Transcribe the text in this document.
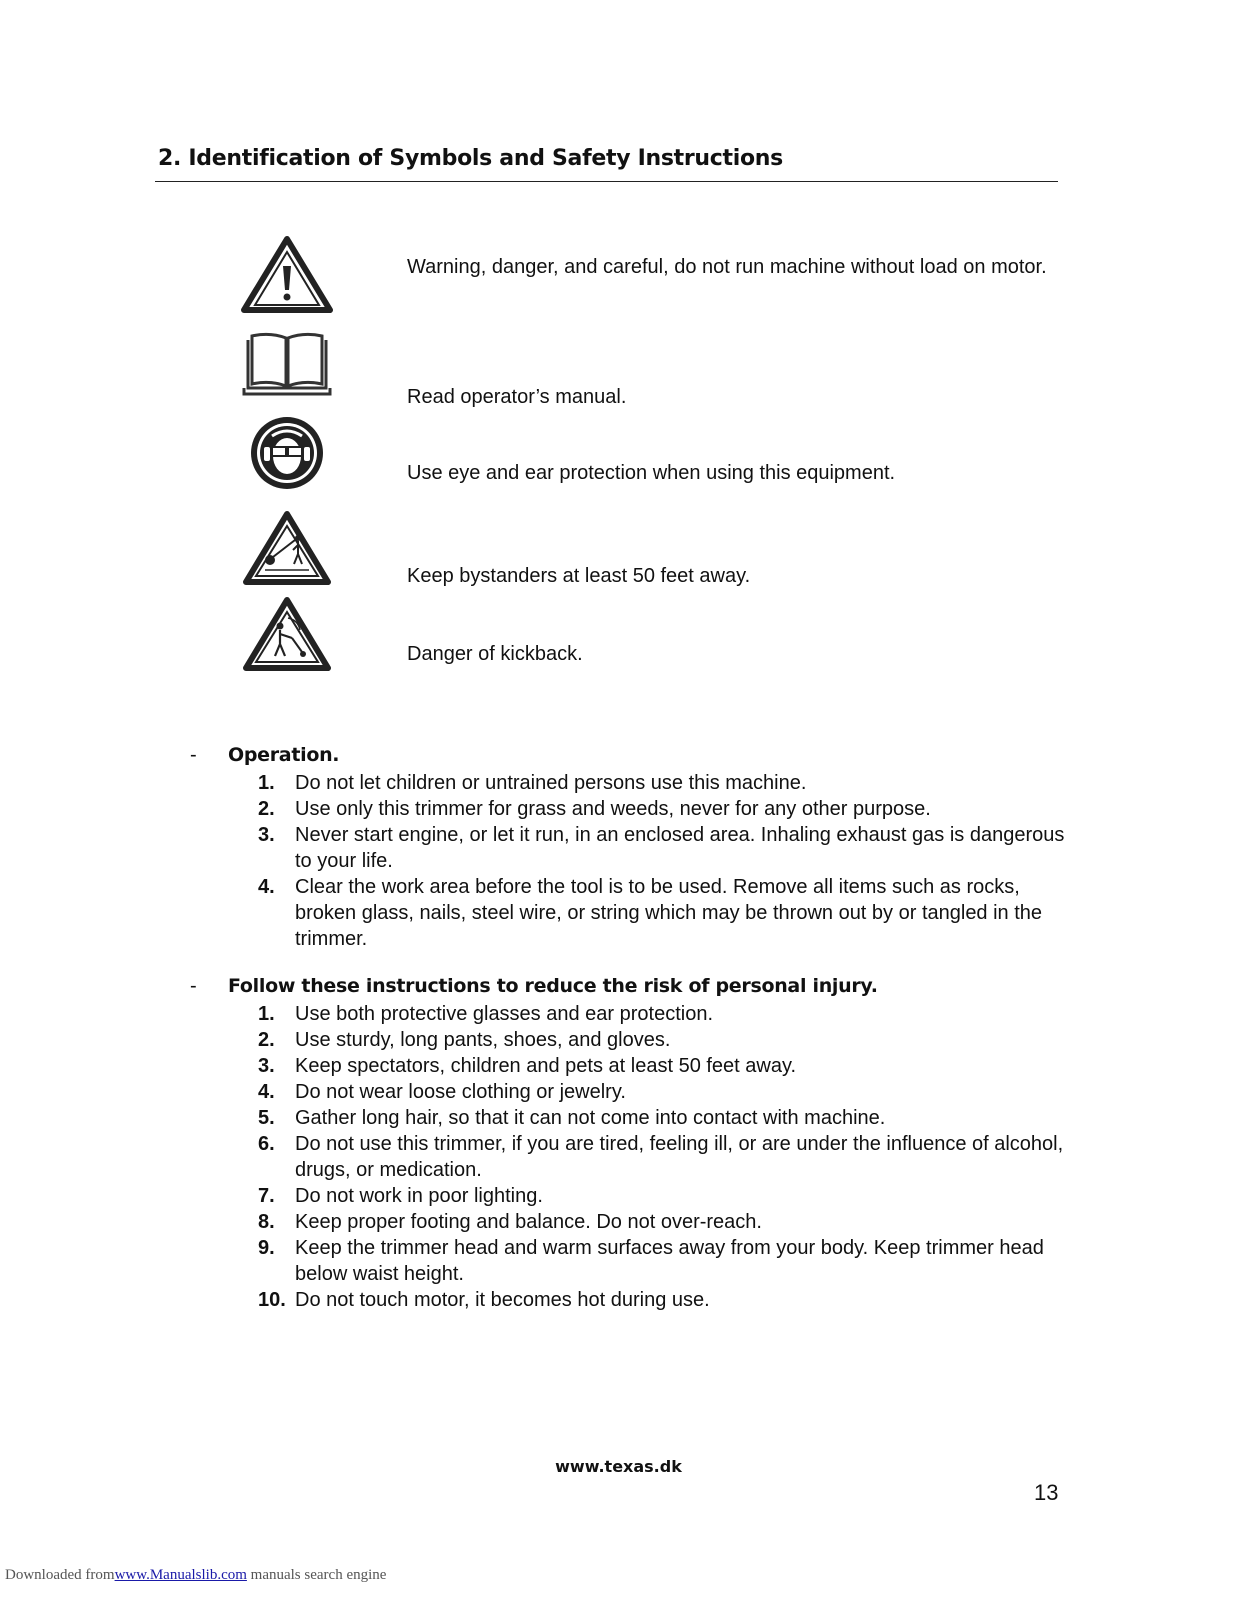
2. Identification of Symbols and Safety Instructions
Warning, danger, and careful, do not run machine without load on motor.
Read operator’s manual.
Use eye and ear protection when using this equipment.
Keep bystanders at least 50 feet away.
Danger of kickback.
- Operation.
1. Do not let children or untrained persons use this machine.
2. Use only this trimmer for grass and weeds, never for any other purpose.
3. Never start engine, or let it run, in an enclosed area. Inhaling exhaust gas is dangerous to your life.
4. Clear the work area before the tool is to be used. Remove all items such as rocks, broken glass, nails, steel wire, or string which may be thrown out by or tangled in the trimmer.
- Follow these instructions to reduce the risk of personal injury.
1. Use both protective glasses and ear protection.
2. Use sturdy, long pants, shoes, and gloves.
3. Keep spectators, children and pets at least 50 feet away.
4. Do not wear loose clothing or jewelry.
5. Gather long hair, so that it can not come into contact with machine.
6. Do not use this trimmer, if you are tired, feeling ill, or are under the influence of alcohol, drugs, or medication.
7. Do not work in poor lighting.
8. Keep proper footing and balance. Do not over-reach.
9. Keep the trimmer head and warm surfaces away from your body. Keep trimmer head below waist height.
10. Do not touch motor, it becomes hot during use.
www.texas.dk
13
Downloaded fromwww.Manualslib.com manuals search engine
